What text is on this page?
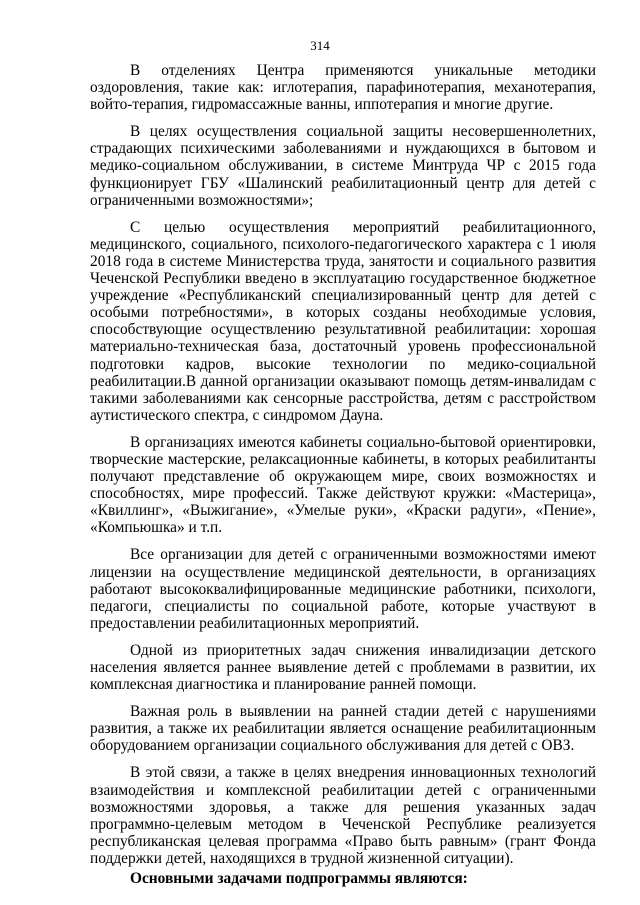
314

В отделениях Центра применяются уникальные методики оздоровления, такие как: иглотерапия, парафинотерапия, механотерапия, войто-терапия, гидромассажные ванны, иппотерапия и многие другие.

В целях осуществления социальной защиты несовершеннолетних, страдающих психическими заболеваниями и нуждающихся в бытовом и медико-социальном обслуживании, в системе Минтруда ЧР с 2015 года функционирует ГБУ «Шалинский реабилитационный центр для детей с ограниченными возможностями»;

С целью осуществления мероприятий реабилитационного, медицинского, социального, психолого-педагогического характера с 1 июля 2018 года в системе Министерства труда, занятости и социального развития Чеченской Республики введено в эксплуатацию государственное бюджетное учреждение «Республиканский специализированный центр для детей с особыми потребностями», в которых созданы необходимые условия, способствующие осуществлению результативной реабилитации: хорошая материально-техническая база, достаточный уровень профессиональной подготовки кадров, высокие технологии по медико-социальной реабилитации.В данной организации оказывают помощь детям-инвалидам с такими заболеваниями как сенсорные расстройства, детям с расстройством аутистического спектра, с синдромом Дауна.

В организациях имеются кабинеты социально-бытовой ориентировки, творческие мастерские, релаксационные кабинеты, в которых реабилитанты получают представление об окружающем мире, своих возможностях и способностях, мире профессий. Также действуют кружки: «Мастерица», «Квиллинг», «Выжигание», «Умелые руки», «Краски радуги», «Пение», «Компьюшка» и т.п.

Все организации для детей с ограниченными возможностями имеют лицензии на осуществление медицинской деятельности, в организациях работают высококвалифицированные медицинские работники, психологи, педагоги, специалисты по социальной работе, которые участвуют в предоставлении реабилитационных мероприятий.

Одной из приоритетных задач снижения инвалидизации детского населения является раннее выявление детей с проблемами в развитии, их комплексная диагностика и планирование ранней помощи.

Важная роль в выявлении на ранней стадии детей с нарушениями развития, а также их реабилитации является оснащение реабилитационным оборудованием организации социального обслуживания для детей с ОВЗ.

В этой связи, а также в целях внедрения инновационных технологий взаимодействия и комплексной реабилитации детей с ограниченными возможностями здоровья, а также для решения указанных задач программно-целевым методом в Чеченской Республике реализуется республиканская целевая программа «Право быть равным» (грант Фонда поддержки детей, находящихся в трудной жизненной ситуации).

Основными задачами подпрограммы являются:
